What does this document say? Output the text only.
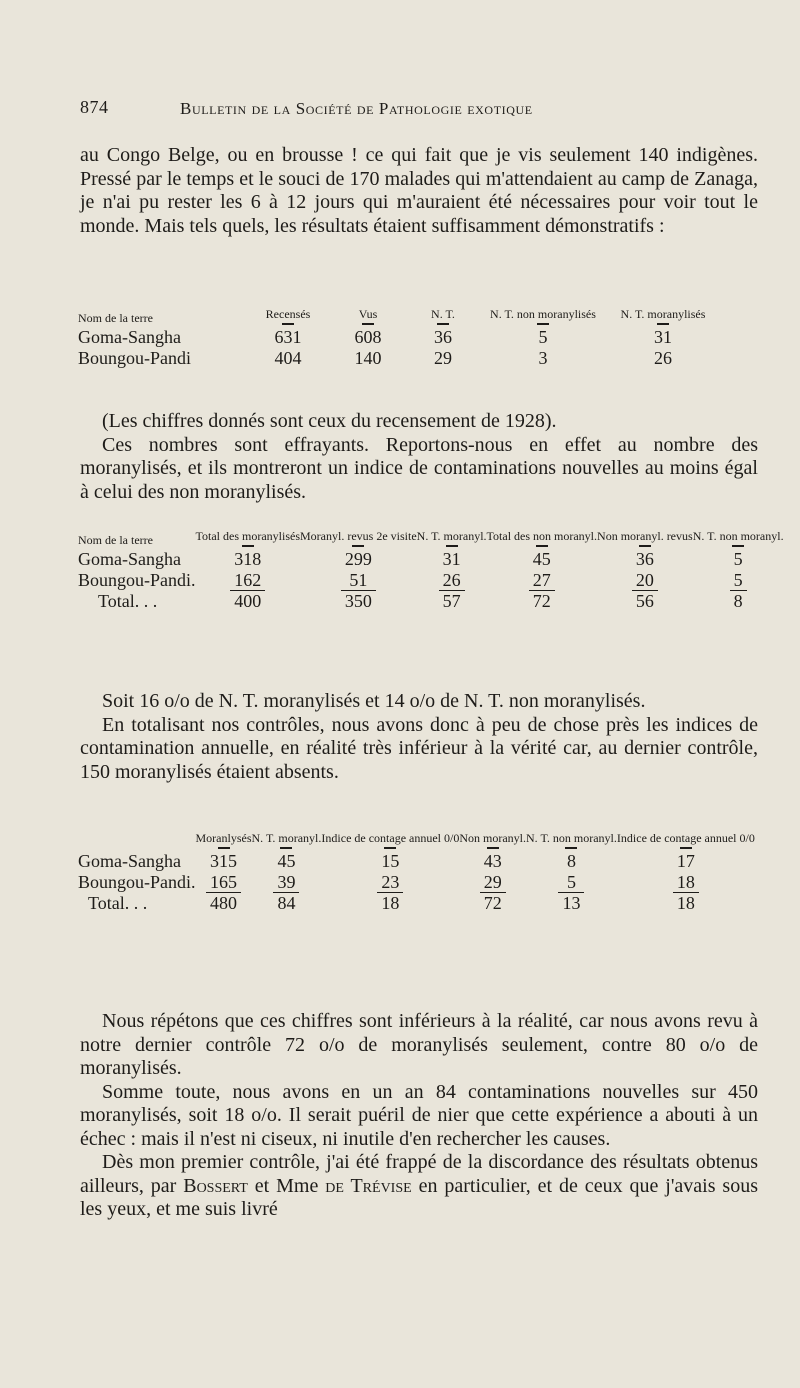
874	Bulletin de la Société de Pathologie exotique
au Congo Belge, ou en brousse ! ce qui fait que je vis seulement 140 indigènes. Pressé par le temps et le souci de 170 malades qui m'attendaient au camp de Zanaga, je n'ai pu rester les 6 à 12 jours qui m'auraient été nécessaires pour voir tout le monde. Mais tels quels, les résultats étaient suffisamment démonstratifs :
Nom de la terre	Recensés	Vus	N. T.	N. T. non moranylisés	N. T. moranylisés

Goma-Sangha	631	608	36	5	31
Boungou-Pandi	404	140	29	3	26
(Les chiffres donnés sont ceux du recensement de 1928).
Ces nombres sont effrayants. Reportons-nous en effet au nombre des moranylisés, et ils montreront un indice de contaminations nouvelles au moins égal à celui des non moranylisés.
Nom de la terre	Total des moranylisés	Moranyl. revus 2e visite	N. T. moranyl.	Total des non moranyl.	Non moranyl. revus	N. T. non moranyl.

Goma-Sangha	318	299	31	45	36	5
Boungou-Pandi.	162	51	26	27	20	5
Total. . .	400	350	57	72	56	8
Soit 16 o/o de N. T. moranylisés et 14 o/o de N. T. non moranylisés.
En totalisant nos contrôles, nous avons donc à peu de chose près les indices de contamination annuelle, en réalité très inférieur à la vérité car, au dernier contrôle, 150 moranylisés étaient absents.
	Moranlysés	N. T. moranyl.	Indice de contage annuel 0/0	Non moranyl.	N. T. non moranyl.	Indice de contage annuel 0/0

Goma-Sangha	315	45	15	43	8	17
Boungou-Pandi.	165	39	23	29	5	18
Total. . .	480	84	18	72	13	18
Nous répétons que ces chiffres sont inférieurs à la réalité, car nous avons revu à notre dernier contrôle 72 o/o de moranylisés seulement, contre 80 o/o de moranylisés.
Somme toute, nous avons en un an 84 contaminations nouvelles sur 450 moranylisés, soit 18 o/o. Il serait puéril de nier que cette expérience a abouti à un échec : mais il n'est ni ciseux, ni inutile d'en rechercher les causes.
Dès mon premier contrôle, j'ai été frappé de la discordance des résultats obtenus ailleurs, par Bossert et Mme de Trévise en particulier, et de ceux que j'avais sous les yeux, et me suis livré
